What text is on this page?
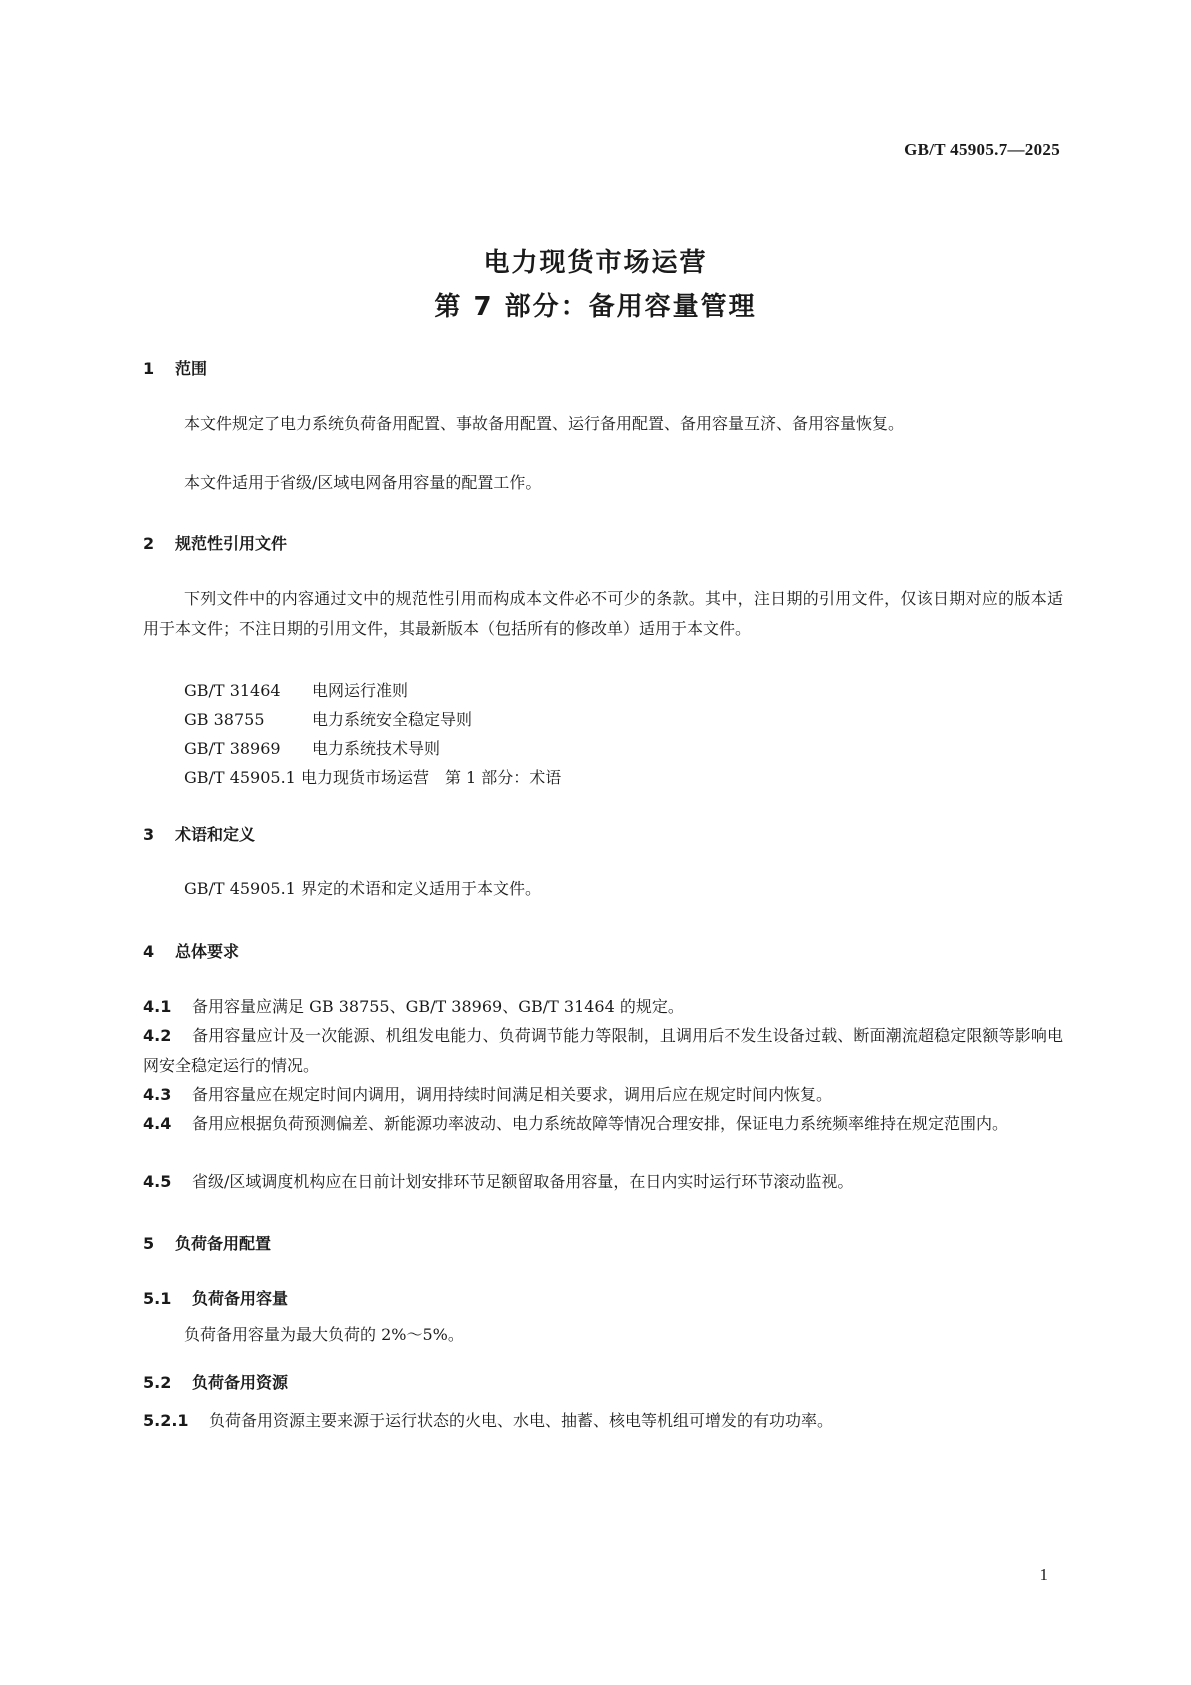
GB/T 45905.7—2025
电力现货市场运营
第 7 部分：备用容量管理
1 范围
本文件规定了电力系统负荷备用配置、事故备用配置、运行备用配置、备用容量互济、备用容量恢复。
本文件适用于省级/区域电网备用容量的配置工作。
2 规范性引用文件
下列文件中的内容通过文中的规范性引用而构成本文件必不可少的条款。其中，注日期的引用文件，仅该日期对应的版本适用于本文件；不注日期的引用文件，其最新版本（包括所有的修改单）适用于本文件。
GB/T 31464 电网运行准则
GB 38755	电力系统安全稳定导则
GB/T 38969 电力系统技术导则
GB/T 45905.1 电力现货市场运营　第 1 部分：术语
3 术语和定义
GB/T 45905.1 界定的术语和定义适用于本文件。
4 总体要求
4.1 备用容量应满足 GB 38755、GB/T 38969、GB/T 31464 的规定。
4.2 备用容量应计及一次能源、机组发电能力、负荷调节能力等限制，且调用后不发生设备过载、断面潮流超稳定限额等影响电网安全稳定运行的情况。
4.3 备用容量应在规定时间内调用，调用持续时间满足相关要求，调用后应在规定时间内恢复。
4.4 备用应根据负荷预测偏差、新能源功率波动、电力系统故障等情况合理安排，保证电力系统频率维持在规定范围内。
4.5 省级/区域调度机构应在日前计划安排环节足额留取备用容量，在日内实时运行环节滚动监视。
5 负荷备用配置
5.1 负荷备用容量
负荷备用容量为最大负荷的 2%～5%。
5.2 负荷备用资源
5.2.1 负荷备用资源主要来源于运行状态的火电、水电、抽蓄、核电等机组可增发的有功功率。
1
